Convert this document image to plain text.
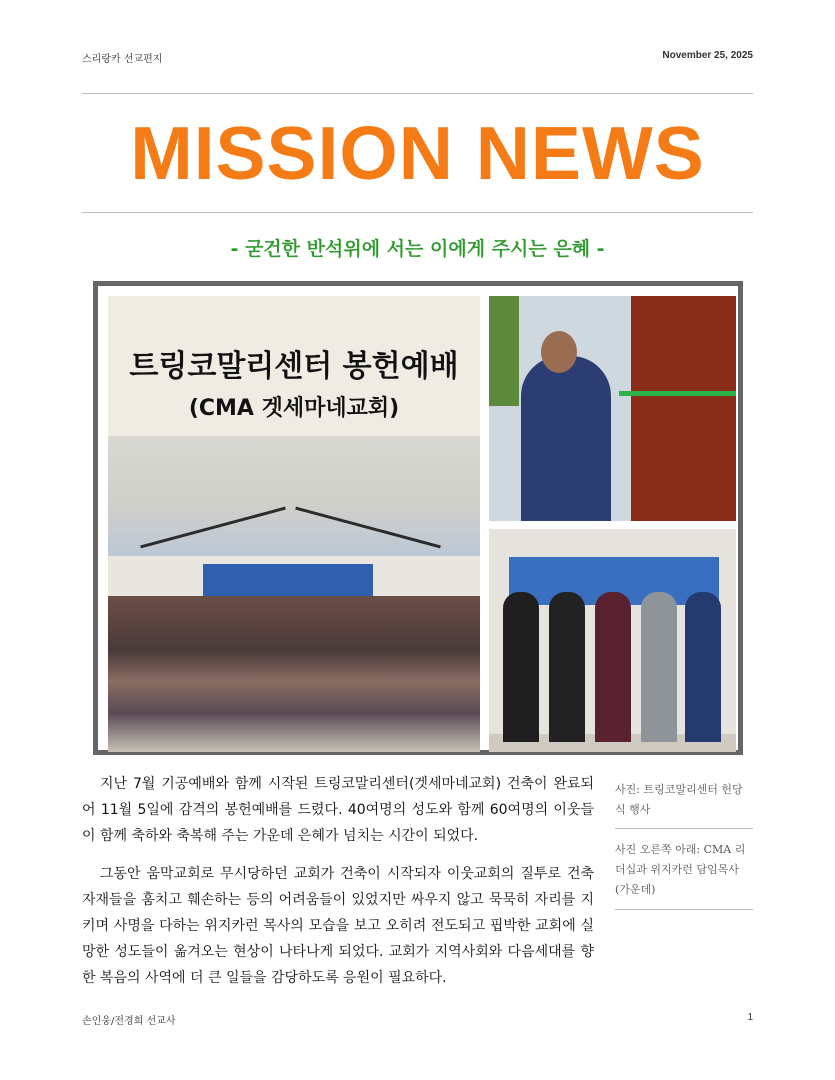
스리랑카 선교편지	November 25, 2025
MISSION NEWS
- 굳건한 반석위에 서는 이에게 주시는 은혜 -
트링코말리센터 봉헌예배
(CMA 겟세마네교회)

지난 7월 기공예배와 함께 시작된 트링코말리센터(겟세마네교회) 건축이 완료되어 11월 5일에 감격의 봉헌예배를 드렸다. 40여명의 성도와 함께 60여명의 이웃들이 함께 축하와 축복해 주는 가운데 은혜가 넘치는 시간이 되었다.

그동안 움막교회로 무시당하던 교회가 건축이 시작되자 이웃교회의 질투로 건축자재들을 훔치고 훼손하는 등의 어려움들이 있었지만 싸우지 않고 묵묵히 자리를 지키며 사명을 다하는 위지카런 목사의 모습을 보고 오히려 전도되고 핍박한 교회에 실망한 성도들이 옮겨오는 현상이 나타나게 되었다. 교회가 지역사회와 다음세대를 향한 복음의 사역에 더 큰 일들을 감당하도록 응원이 필요하다.

사진: 트링코말리센터 헌당식 행사
사진 오른쪽 아래: CMA 리더십과 위지카런 담임목사 (가운데)
손인웅/전경희 선교사	1
